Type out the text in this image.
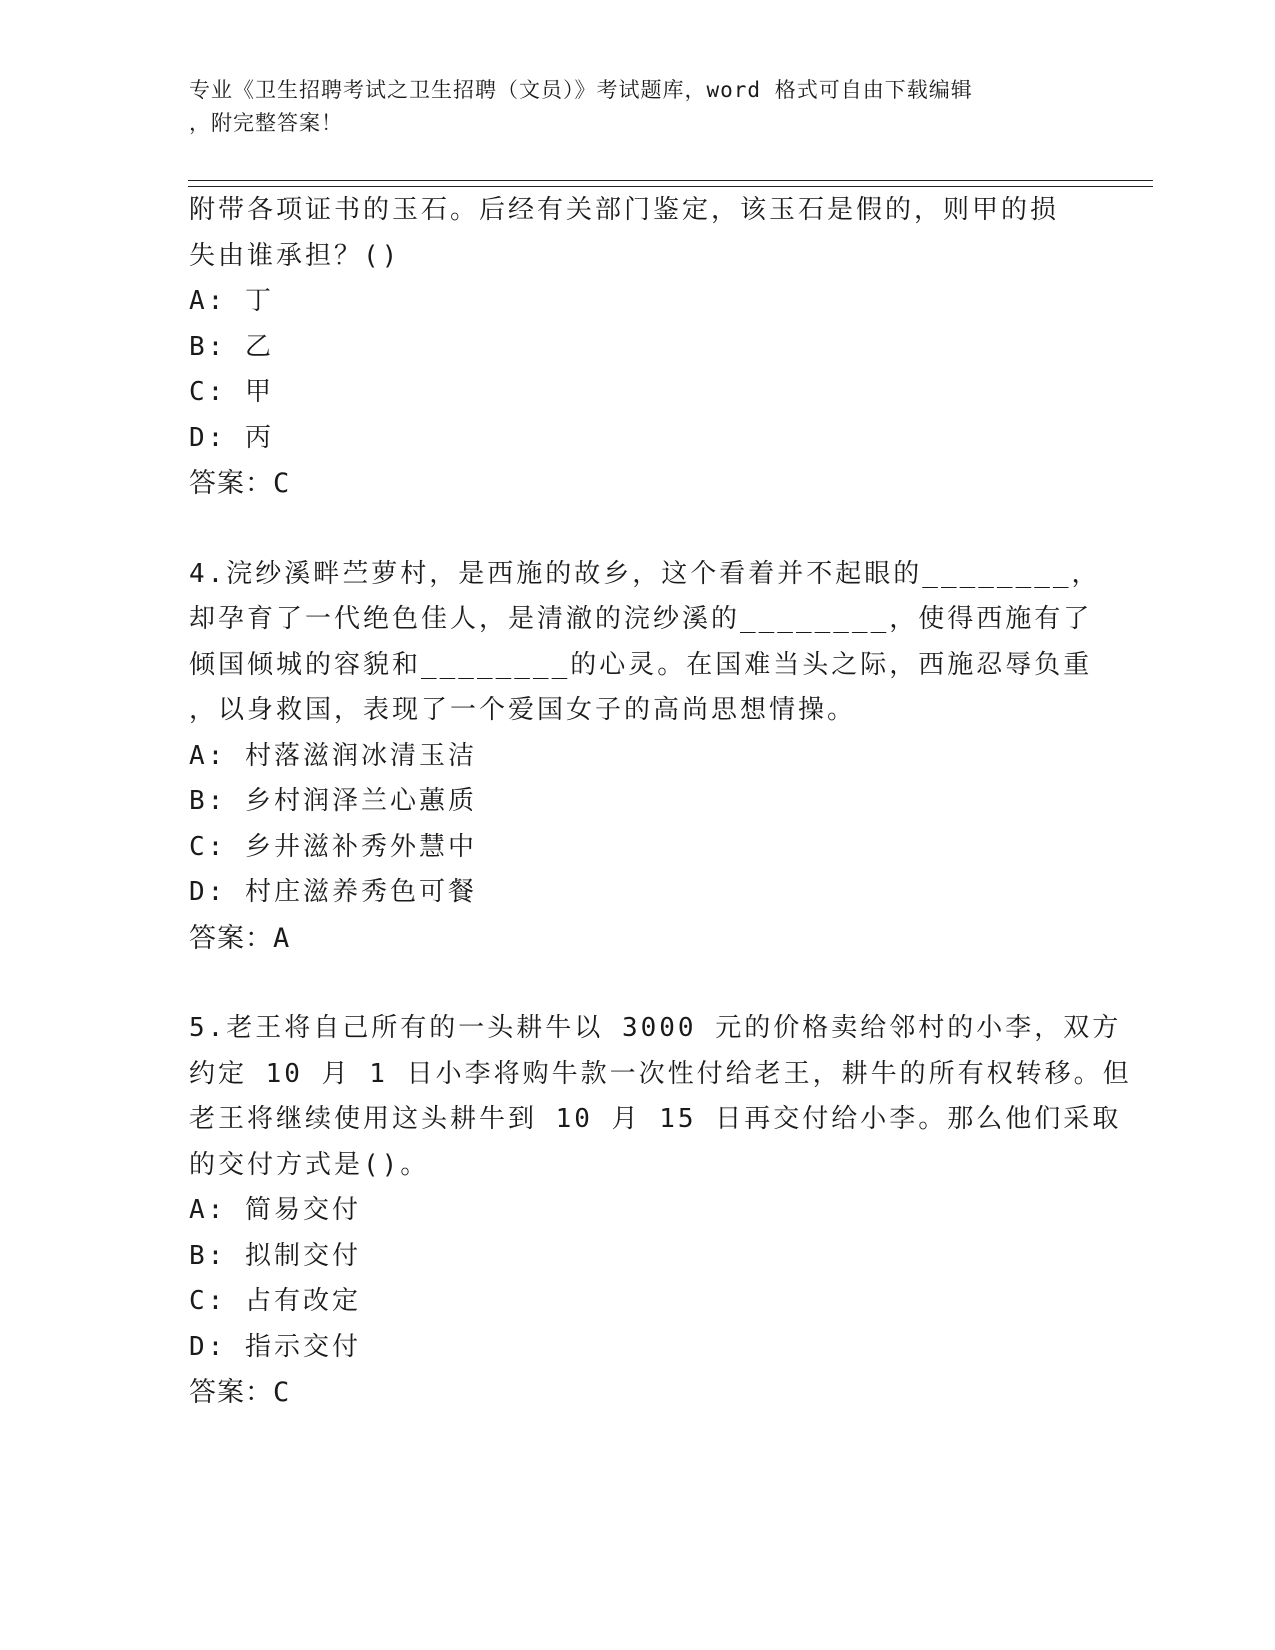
专业《卫生招聘考试之卫生招聘（文员）》考试题库，word 格式可自由下载编辑
，附完整答案！
附带各项证书的玉石。后经有关部门鉴定，该玉石是假的，则甲的损
失由谁承担？()
A: 丁
B: 乙
C: 甲
D: 丙
答案：C
4.浣纱溪畔苎萝村，是西施的故乡，这个看着并不起眼的________，
却孕育了一代绝色佳人，是清澈的浣纱溪的________，使得西施有了
倾国倾城的容貌和________的心灵。在国难当头之际，西施忍辱负重
，以身救国，表现了一个爱国女子的高尚思想情操。
A: 村落滋润冰清玉洁
B: 乡村润泽兰心蕙质
C: 乡井滋补秀外慧中
D: 村庄滋养秀色可餐
答案：A
5.老王将自己所有的一头耕牛以 3000 元的价格卖给邻村的小李，双方
约定 10 月 1 日小李将购牛款一次性付给老王，耕牛的所有权转移。但
老王将继续使用这头耕牛到 10 月 15 日再交付给小李。那么他们采取
的交付方式是()。
A: 简易交付
B: 拟制交付
C: 占有改定
D: 指示交付
答案：C
